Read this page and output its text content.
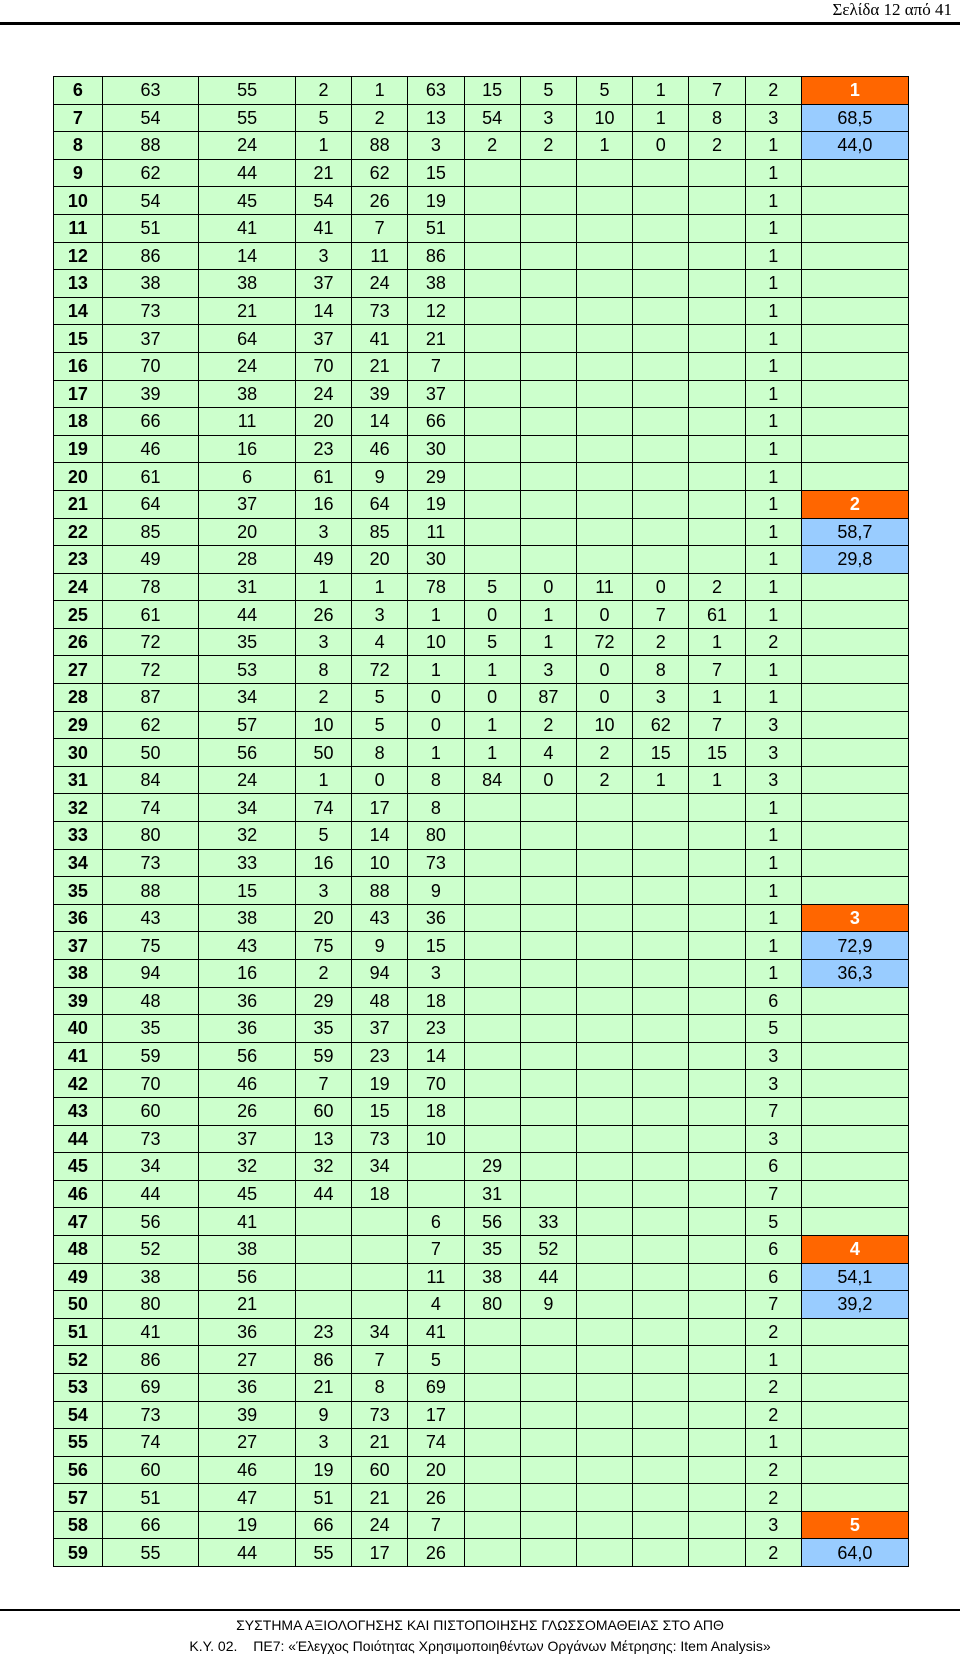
Σελίδα 12 από 41
6	63	55	2	1	63	15	5	5	1	7	2	1
7	54	55	5	2	13	54	3	10	1	8	3	68,5
8	88	24	1	88	3	2	2	1	0	2	1	44,0
9	62	44	21	62	15						1	
10	54	45	54	26	19						1	
11	51	41	41	7	51						1	
12	86	14	3	11	86						1	
13	38	38	37	24	38						1	
14	73	21	14	73	12						1	
15	37	64	37	41	21						1	
16	70	24	70	21	7						1	
17	39	38	24	39	37						1	
18	66	11	20	14	66						1	
19	46	16	23	46	30						1	
20	61	6	61	9	29						1	
21	64	37	16	64	19						1	2
22	85	20	3	85	11						1	58,7
23	49	28	49	20	30						1	29,8
24	78	31	1	1	78	5	0	11	0	2	1	
25	61	44	26	3	1	0	1	0	7	61	1	
26	72	35	3	4	10	5	1	72	2	1	2	
27	72	53	8	72	1	1	3	0	8	7	1	
28	87	34	2	5	0	0	87	0	3	1	1	
29	62	57	10	5	0	1	2	10	62	7	3	
30	50	56	50	8	1	1	4	2	15	15	3	
31	84	24	1	0	8	84	0	2	1	1	3	
32	74	34	74	17	8						1	
33	80	32	5	14	80						1	
34	73	33	16	10	73						1	
35	88	15	3	88	9						1	
36	43	38	20	43	36						1	3
37	75	43	75	9	15						1	72,9
38	94	16	2	94	3						1	36,3
39	48	36	29	48	18						6	
40	35	36	35	37	23						5	
41	59	56	59	23	14						3	
42	70	46	7	19	70						3	
43	60	26	60	15	18						7	
44	73	37	13	73	10						3	
45	34	32	32	34		29					6	
46	44	45	44	18		31					7	
47	56	41			6	56	33				5	
48	52	38			7	35	52				6	4
49	38	56			11	38	44				6	54,1
50	80	21			4	80	9				7	39,2
51	41	36	23	34	41						2	
52	86	27	86	7	5						1	
53	69	36	21	8	69						2	
54	73	39	9	73	17						2	
55	74	27	3	21	74						1	
56	60	46	19	60	20						2	
57	51	47	51	21	26						2	
58	66	19	66	24	7						3	5
59	55	44	55	17	26						2	64,0
ΣΥΣΤΗΜΑ ΑΞΙΟΛΟΓΗΣΗΣ ΚΑΙ ΠΙΣΤΟΠΟΙΗΣΗΣ ΓΛΩΣΣΟΜΑΘΕΙΑΣ ΣΤΟ ΑΠΘ
Κ.Υ. 02. ΠΕ7: «Έλεγχος Ποιότητας Χρησιμοποιηθέντων Οργάνων Μέτρησης: Item Analysis»
